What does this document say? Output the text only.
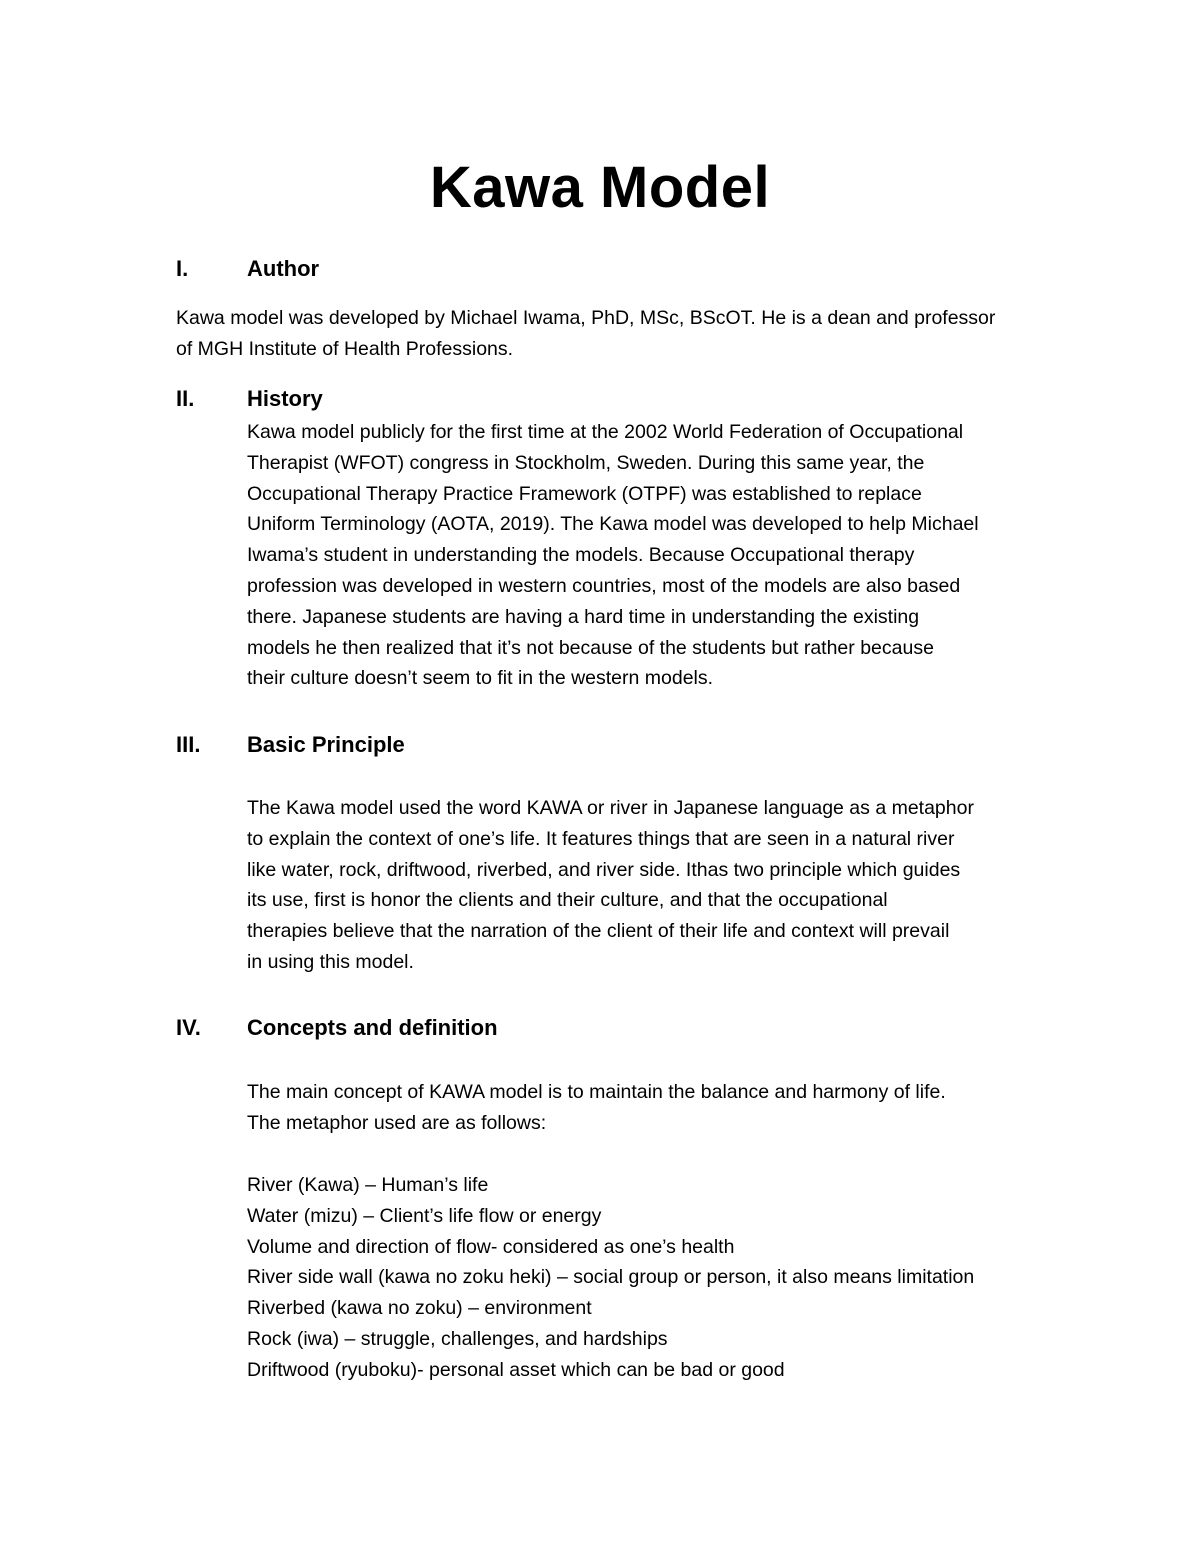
Kawa Model
I.	Author
Kawa model was developed by Michael Iwama, PhD, MSc, BScOT. He is a dean and professor
of MGH Institute of Health Professions.
II. History
Kawa model publicly for the first time at the 2002 World Federation of Occupational
Therapist (WFOT) congress in Stockholm, Sweden. During this same year, the
Occupational Therapy Practice Framework (OTPF) was established to replace
Uniform Terminology (AOTA, 2019). The Kawa model was developed to help Michael
Iwama’s student in understanding the models. Because Occupational therapy
profession was developed in western countries, most of the models are also based
there. Japanese students are having a hard time in understanding the existing
models he then realized that it’s not because of the students but rather because
their culture doesn’t seem to fit in the western models.
III. Basic Principle
The Kawa model used the word KAWA or river in Japanese language as a metaphor
to explain the context of one’s life. It features things that are seen in a natural river
like water, rock, driftwood, riverbed, and river side. Ithas two principle which guides
its use, first is honor the clients and their culture, and that the occupational
therapies believe that the narration of the client of their life and context will prevail
in using this model.
IV. Concepts and definition
The main concept of KAWA model is to maintain the balance and harmony of life.
The metaphor used are as follows:
River (Kawa) – Human’s life
Water (mizu) – Client’s life flow or energy
Volume and direction of flow- considered as one’s health
River side wall (kawa no zoku heki) – social group or person, it also means limitation
Riverbed (kawa no zoku) – environment
Rock (iwa) – struggle, challenges, and hardships
Driftwood (ryuboku)- personal asset which can be bad or good
